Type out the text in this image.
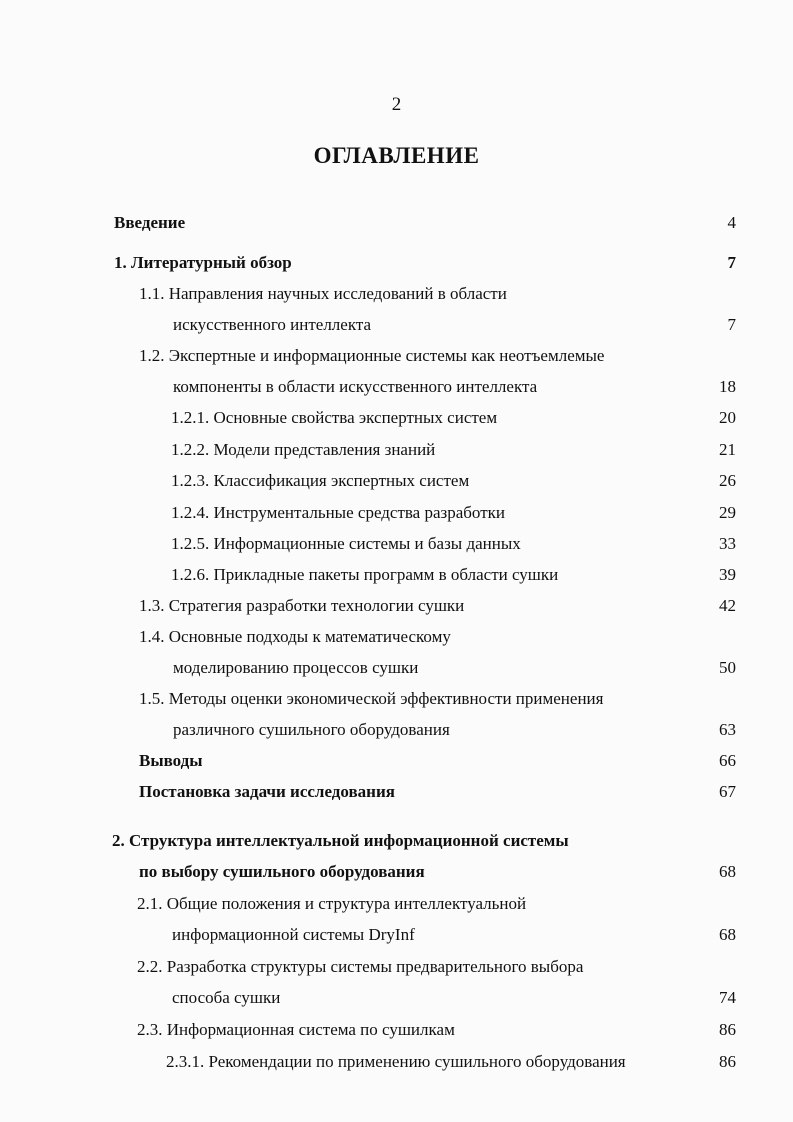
2
ОГЛАВЛЕНИЕ
Введение	4
1. Литературный обзор	7
1.1. Направления научных исследований в области
искусственного интеллекта	7
1.2. Экспертные и информационные системы как неотъемлемые
компоненты в области искусственного интеллекта	18
1.2.1. Основные свойства экспертных систем	20
1.2.2. Модели представления знаний	21
1.2.3. Классификация экспертных систем	26
1.2.4. Инструментальные средства разработки	29
1.2.5. Информационные системы и базы данных	33
1.2.6. Прикладные пакеты программ в области сушки	39
1.3. Стратегия разработки технологии сушки	42
1.4. Основные подходы к математическому
моделированию процессов сушки	50
1.5. Методы оценки экономической эффективности применения
различного сушильного оборудования	63
Выводы	66
Постановка задачи исследования	67
2. Структура интеллектуальной информационной системы
по выбору сушильного оборудования	68
2.1. Общие положения и структура интеллектуальной
информационной системы DryInf	68
2.2. Разработка структуры системы предварительного выбора
способа сушки	74
2.3. Информационная система по сушилкам	86
2.3.1. Рекомендации по применению сушильного оборудования	86
